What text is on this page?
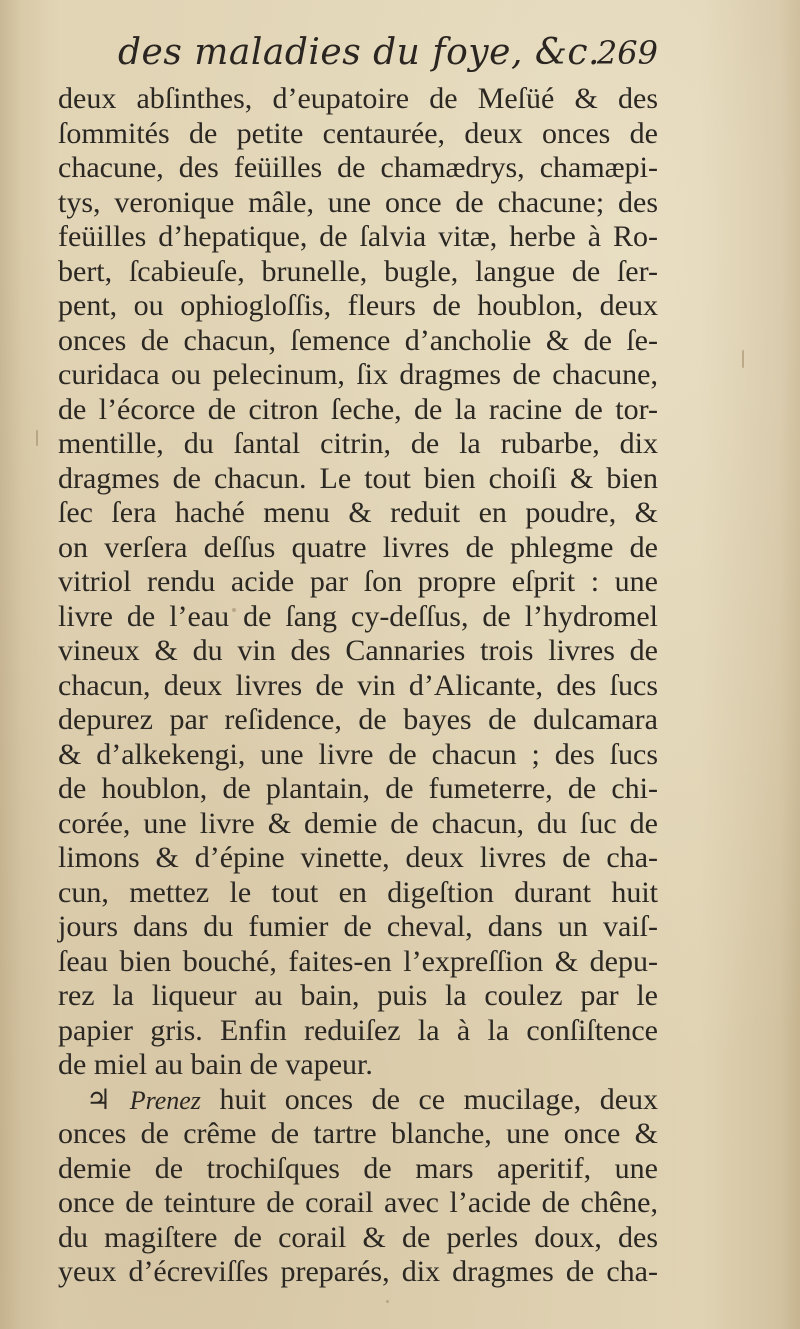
des maladies du foye, &c.
269
deux abſinthes, d’eupatoire de Meſüé & des
ſommités de petite centaurée, deux onces de
chacune, des feüilles de chamædrys, chamæpi-
tys, veronique mâle, une once de chacune; des
feüilles d’hepatique, de ſalvia vitæ, herbe à Ro-
bert, ſcabieuſe, brunelle, bugle, langue de ſer-
pent, ou ophiogloſſis, fleurs de houblon, deux
onces de chacun, ſemence d’ancholie & de ſe-
curidaca ou pelecinum, ſix dragmes de chacune,
de l’écorce de citron ſeche, de la racine de tor-
mentille, du ſantal citrin, de la rubarbe, dix
dragmes de chacun. Le tout bien choiſi & bien
ſec ſera haché menu & reduit en poudre, &
on verſera deſſus quatre livres de phlegme de
vitriol rendu acide par ſon propre eſprit : une
livre de l’eau de ſang cy-deſſus, de l’hydromel
vineux & du vin des Cannaries trois livres de
chacun, deux livres de vin d’Alicante, des ſucs
depurez par reſidence, de bayes de dulcamara
& d’alkekengi, une livre de chacun ; des ſucs
de houblon, de plantain, de fumeterre, de chi-
corée, une livre & demie de chacun, du ſuc de
limons & d’épine vinette, deux livres de cha-
cun, mettez le tout en digeſtion durant huit
jours dans du fumier de cheval, dans un vaiſ-
ſeau bien bouché, faites-en l’expreſſion & depu-
rez la liqueur au bain, puis la coulez par le
papier gris. Enfin reduiſez la à la conſiſtence
de miel au bain de vapeur.
♃ Prenez huit onces de ce mucilage, deux
onces de crême de tartre blanche, une once &
demie de trochiſques de mars aperitif, une
once de teinture de corail avec l’acide de chêne,
du magiſtere de corail & de perles doux, des
yeux d’écreviſſes preparés, dix dragmes de cha-
